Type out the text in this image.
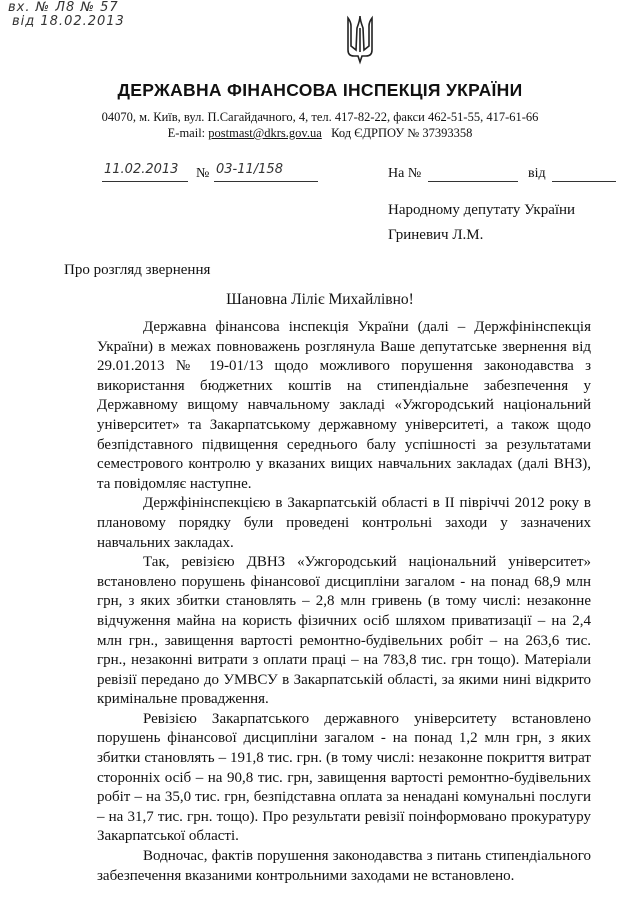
вх. № Л8 № 57
від 18.02.2013
ДЕРЖАВНА ФІНАНСОВА ІНСПЕКЦІЯ УКРАЇНИ
04070, м. Київ, вул. П.Сагайдачного, 4, тел. 417-82-22, факси 462-51-55, 417-61-66
E-mail: postmast@dkrs.gov.ua Код ЄДРПОУ № 37393358
11.02.2013 № 03-11/158	На №	від
Народному депутату України
Гриневич Л.М.
Про розгляд звернення
Шановна Ліліє Михайлівно!

Державна фінансова інспекція України (далі – Держфінінспекція України) в межах повноважень розглянула Ваше депутатське звернення від 29.01.2013 № 19-01/13 щодо можливого порушення законодавства з використання бюджетних коштів на стипендіальне забезпечення у Державному вищому навчальному закладі «Ужгородський національний університет» та Закарпатському державному університеті, а також щодо безпідставного підвищення середнього балу успішності за результатами семестрового контролю у вказаних вищих навчальних закладах (далі ВНЗ), та повідомляє наступне.

Держфінінспекцією в Закарпатській області в ІІ півріччі 2012 року в плановому порядку були проведені контрольні заходи у зазначених навчальних закладах.

Так, ревізією ДВНЗ «Ужгородський національний університет» встановлено порушень фінансової дисципліни загалом - на понад 68,9 млн грн, з яких збитки становлять – 2,8 млн гривень (в тому числі: незаконне відчуження майна на користь фізичних осіб шляхом приватизації – на 2,4 млн грн., завищення вартості ремонтно-будівельних робіт – на 263,6 тис. грн., незаконні витрати з оплати праці – на 783,8 тис. грн тощо). Матеріали ревізії передано до УМВСУ в Закарпатській області, за якими нині відкрито кримінальне провадження.

Ревізією Закарпатського державного університету встановлено порушень фінансової дисципліни загалом - на понад 1,2 млн грн, з яких збитки становлять – 191,8 тис. грн. (в тому числі: незаконне покриття витрат сторонніх осіб – на 90,8 тис. грн, завищення вартості ремонтно-будівельних робіт – на 35,0 тис. грн, безпідставна оплата за ненадані комунальні послуги – на 31,7 тис. грн. тощо). Про результати ревізії поінформовано прокуратуру Закарпатської області.

Водночас, фактів порушення законодавства з питань стипендіального забезпечення вказаними контрольними заходами не встановлено.
